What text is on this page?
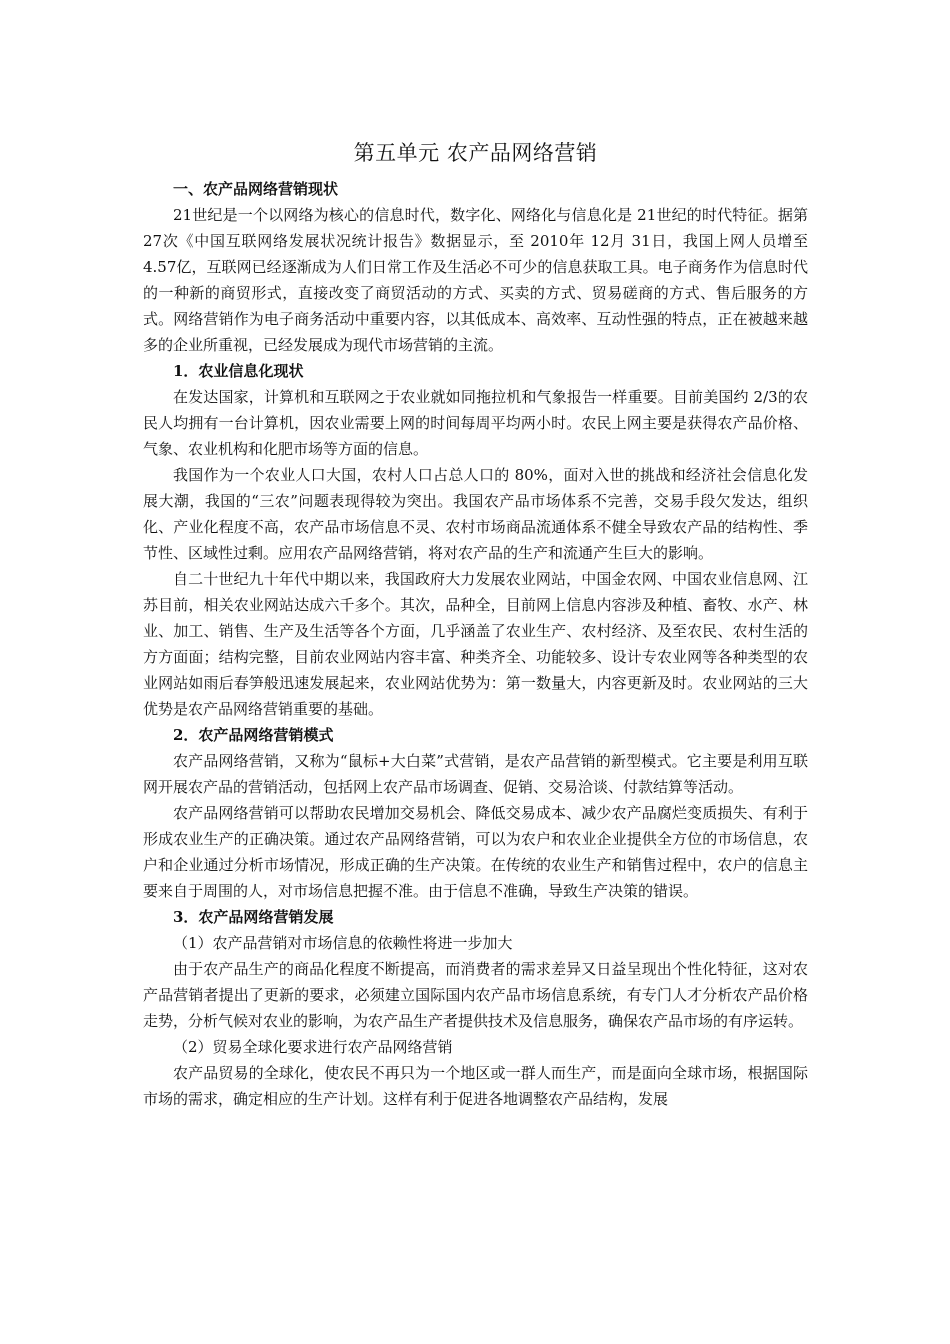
第五单元 农产品网络营销

一、农产品网络营销现状

21世纪是一个以网络为核心的信息时代，数字化、网络化与信息化是 21世纪的时代特征。据第 27次《中国互联网络发展状况统计报告》数据显示，至 2010年 12月 31日，我国上网人员增至 4.57亿，互联网已经逐渐成为人们日常工作及生活必不可少的信息获取工具。电子商务作为信息时代的一种新的商贸形式，直接改变了商贸活动的方式、买卖的方式、贸易磋商的方式、售后服务的方式。网络营销作为电子商务活动中重要内容，以其低成本、高效率、互动性强的特点，正在被越来越多的企业所重视，已经发展成为现代市场营销的主流。

1．农业信息化现状

在发达国家，计算机和互联网之于农业就如同拖拉机和气象报告一样重要。目前美国约 2/3的农民人均拥有一台计算机，因农业需要上网的时间每周平均两小时。农民上网主要是获得农产品价格、气象、农业机构和化肥市场等方面的信息。

我国作为一个农业人口大国，农村人口占总人口的 80%，面对入世的挑战和经济社会信息化发展大潮，我国的“三农”问题表现得较为突出。我国农产品市场体系不完善，交易手段欠发达，组织化、产业化程度不高，农产品市场信息不灵、农村市场商品流通体系不健全导致农产品的结构性、季节性、区域性过剩。应用农产品网络营销，将对农产品的生产和流通产生巨大的影响。

自二十世纪九十年代中期以来，我国政府大力发展农业网站，中国金农网、中国农业信息网、江苏目前，相关农业网站达成六千多个。其次，品种全，目前网上信息内容涉及种植、畜牧、水产、林业、加工、销售、生产及生活等各个方面，几乎涵盖了农业生产、农村经济、及至农民、农村生活的方方面面；结构完整，目前农业网站内容丰富、种类齐全、功能较多、设计专农业网等各种类型的农业网站如雨后春笋般迅速发展起来，农业网站优势为：第一数量大，内容更新及时。农业网站的三大优势是农产品网络营销重要的基础。

2．农产品网络营销模式

农产品网络营销，又称为“鼠标+大白菜”式营销，是农产品营销的新型模式。它主要是利用互联网开展农产品的营销活动，包括网上农产品市场调查、促销、交易洽谈、付款结算等活动。

农产品网络营销可以帮助农民增加交易机会、降低交易成本、减少农产品腐烂变质损失、有利于形成农业生产的正确决策。通过农产品网络营销，可以为农户和农业企业提供全方位的市场信息，农户和企业通过分析市场情况，形成正确的生产决策。在传统的农业生产和销售过程中，农户的信息主要来自于周围的人，对市场信息把握不准。由于信息不准确，导致生产决策的错误。

3．农产品网络营销发展

（1）农产品营销对市场信息的依赖性将进一步加大

由于农产品生产的商品化程度不断提高，而消费者的需求差异又日益呈现出个性化特征，这对农产品营销者提出了更新的要求，必须建立国际国内农产品市场信息系统，有专门人才分析农产品价格走势，分析气候对农业的影响，为农产品生产者提供技术及信息服务，确保农产品市场的有序运转。

（2）贸易全球化要求进行农产品网络营销

农产品贸易的全球化，使农民不再只为一个地区或一群人而生产，而是面向全球市场，根据国际市场的需求，确定相应的生产计划。这样有利于促进各地调整农产品结构，发展
